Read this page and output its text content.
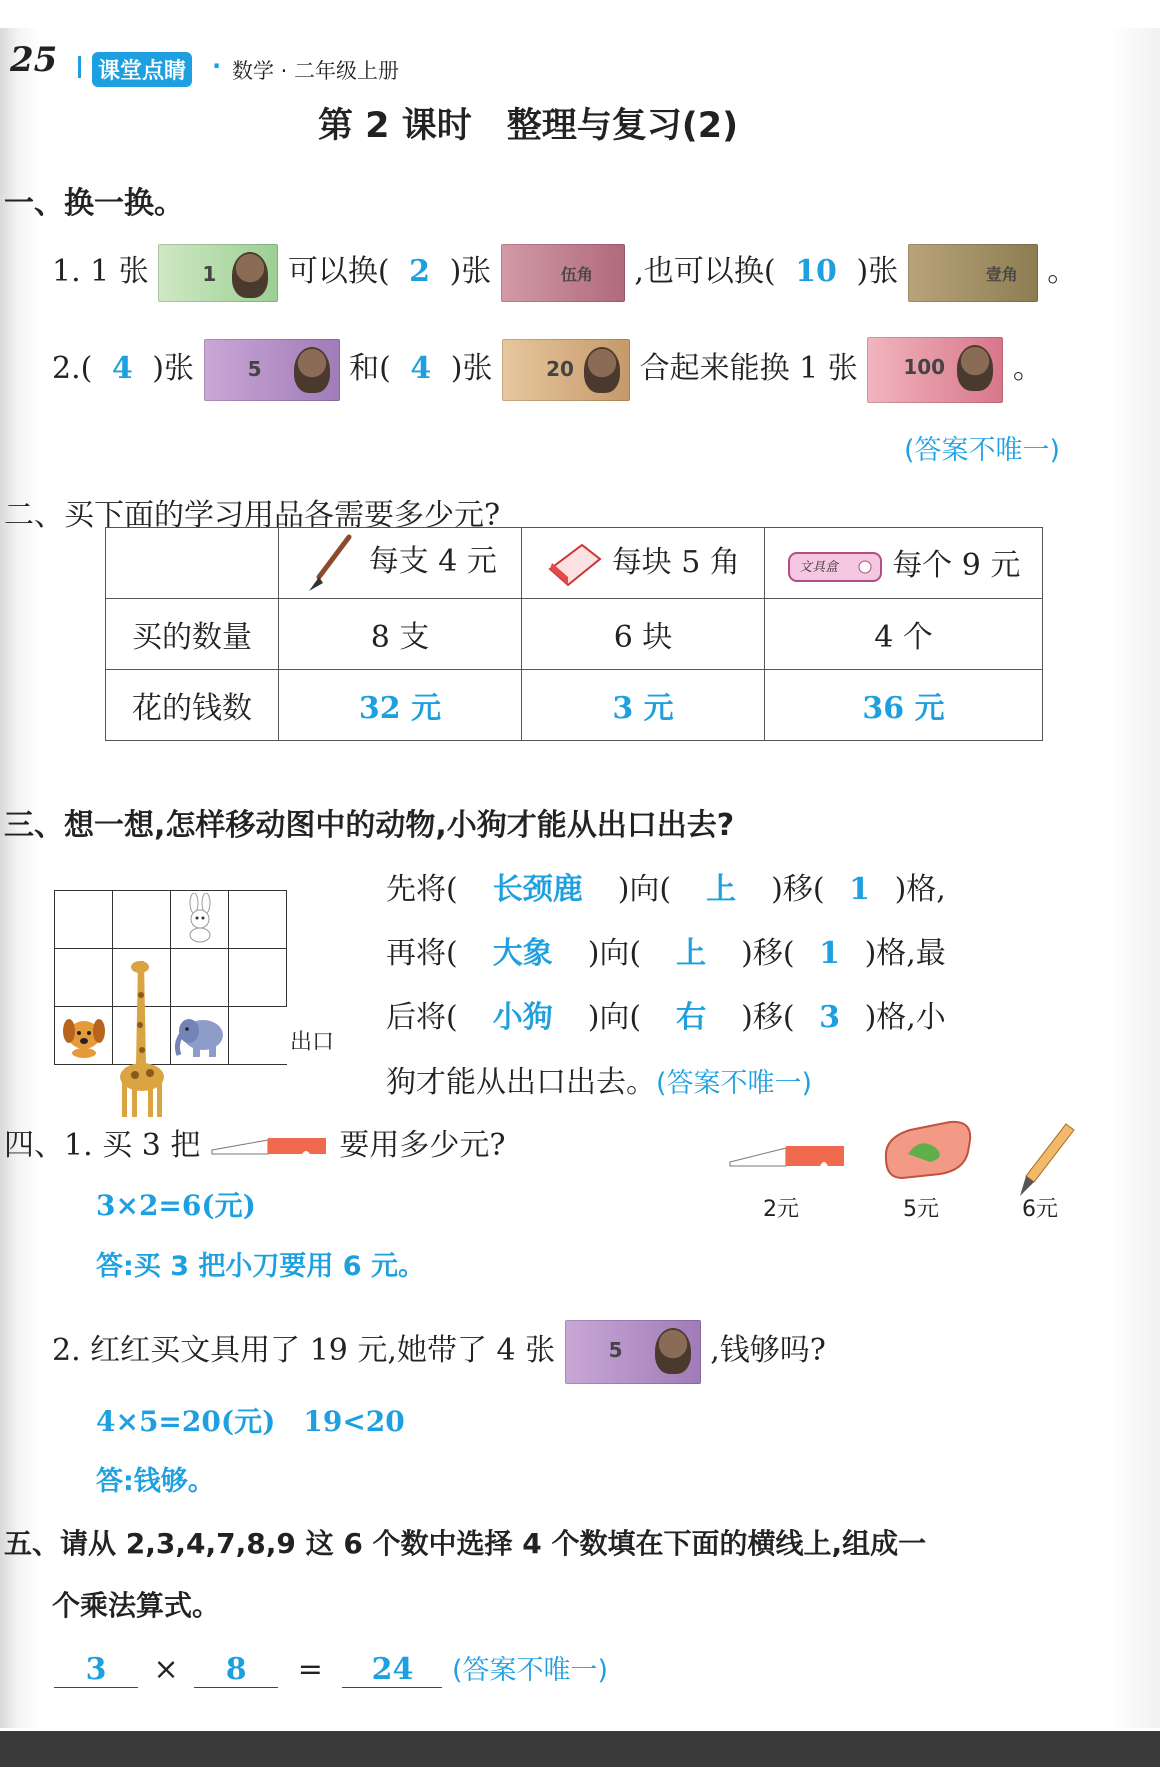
25 课堂点睛 · 数学 · 二年级上册
第 2 课时　整理与复习(2)
一、换一换。
1. 1 张	1 可以换( 2 )张	伍角 ,也可以换( 10 )张	壹角 。
2.( 4 )张	5	和( 4 )张	20 合起来能换 1 张 100 。
(答案不唯一)
二、买下面的学习用品各需要多少元?
	每支 4 元	每块 5 角	文具盒 每个 9 元
买的数量	8 支	6 块	4 个
花的钱数	32 元	3 元	36 元
三、想一想,怎样移动图中的动物,小狗才能从出口出去?

出口
先将( 长颈鹿 )向( 上 )移( 1 )格,
再将( 大象 )向( 上 )移( 1 )格,最
后将( 小狗 )向( 右 )移( 3 )格,小
狗才能从出口出去。(答案不唯一)
四、1. 买 3 把	要用多少元?
2元	5元	6元
3×2=6(元)
答:买 3 把小刀要用 6 元。
2. 红红买文具用了 19 元,她带了 4 张	5	,钱够吗?
4×5=20(元)　19<20
答:钱够。
五、请从 2,3,4,7,8,9 这 6 个数中选择 4 个数填在下面的横线上,组成一
个乘法算式。
3 × 8 = 24 (答案不唯一)
